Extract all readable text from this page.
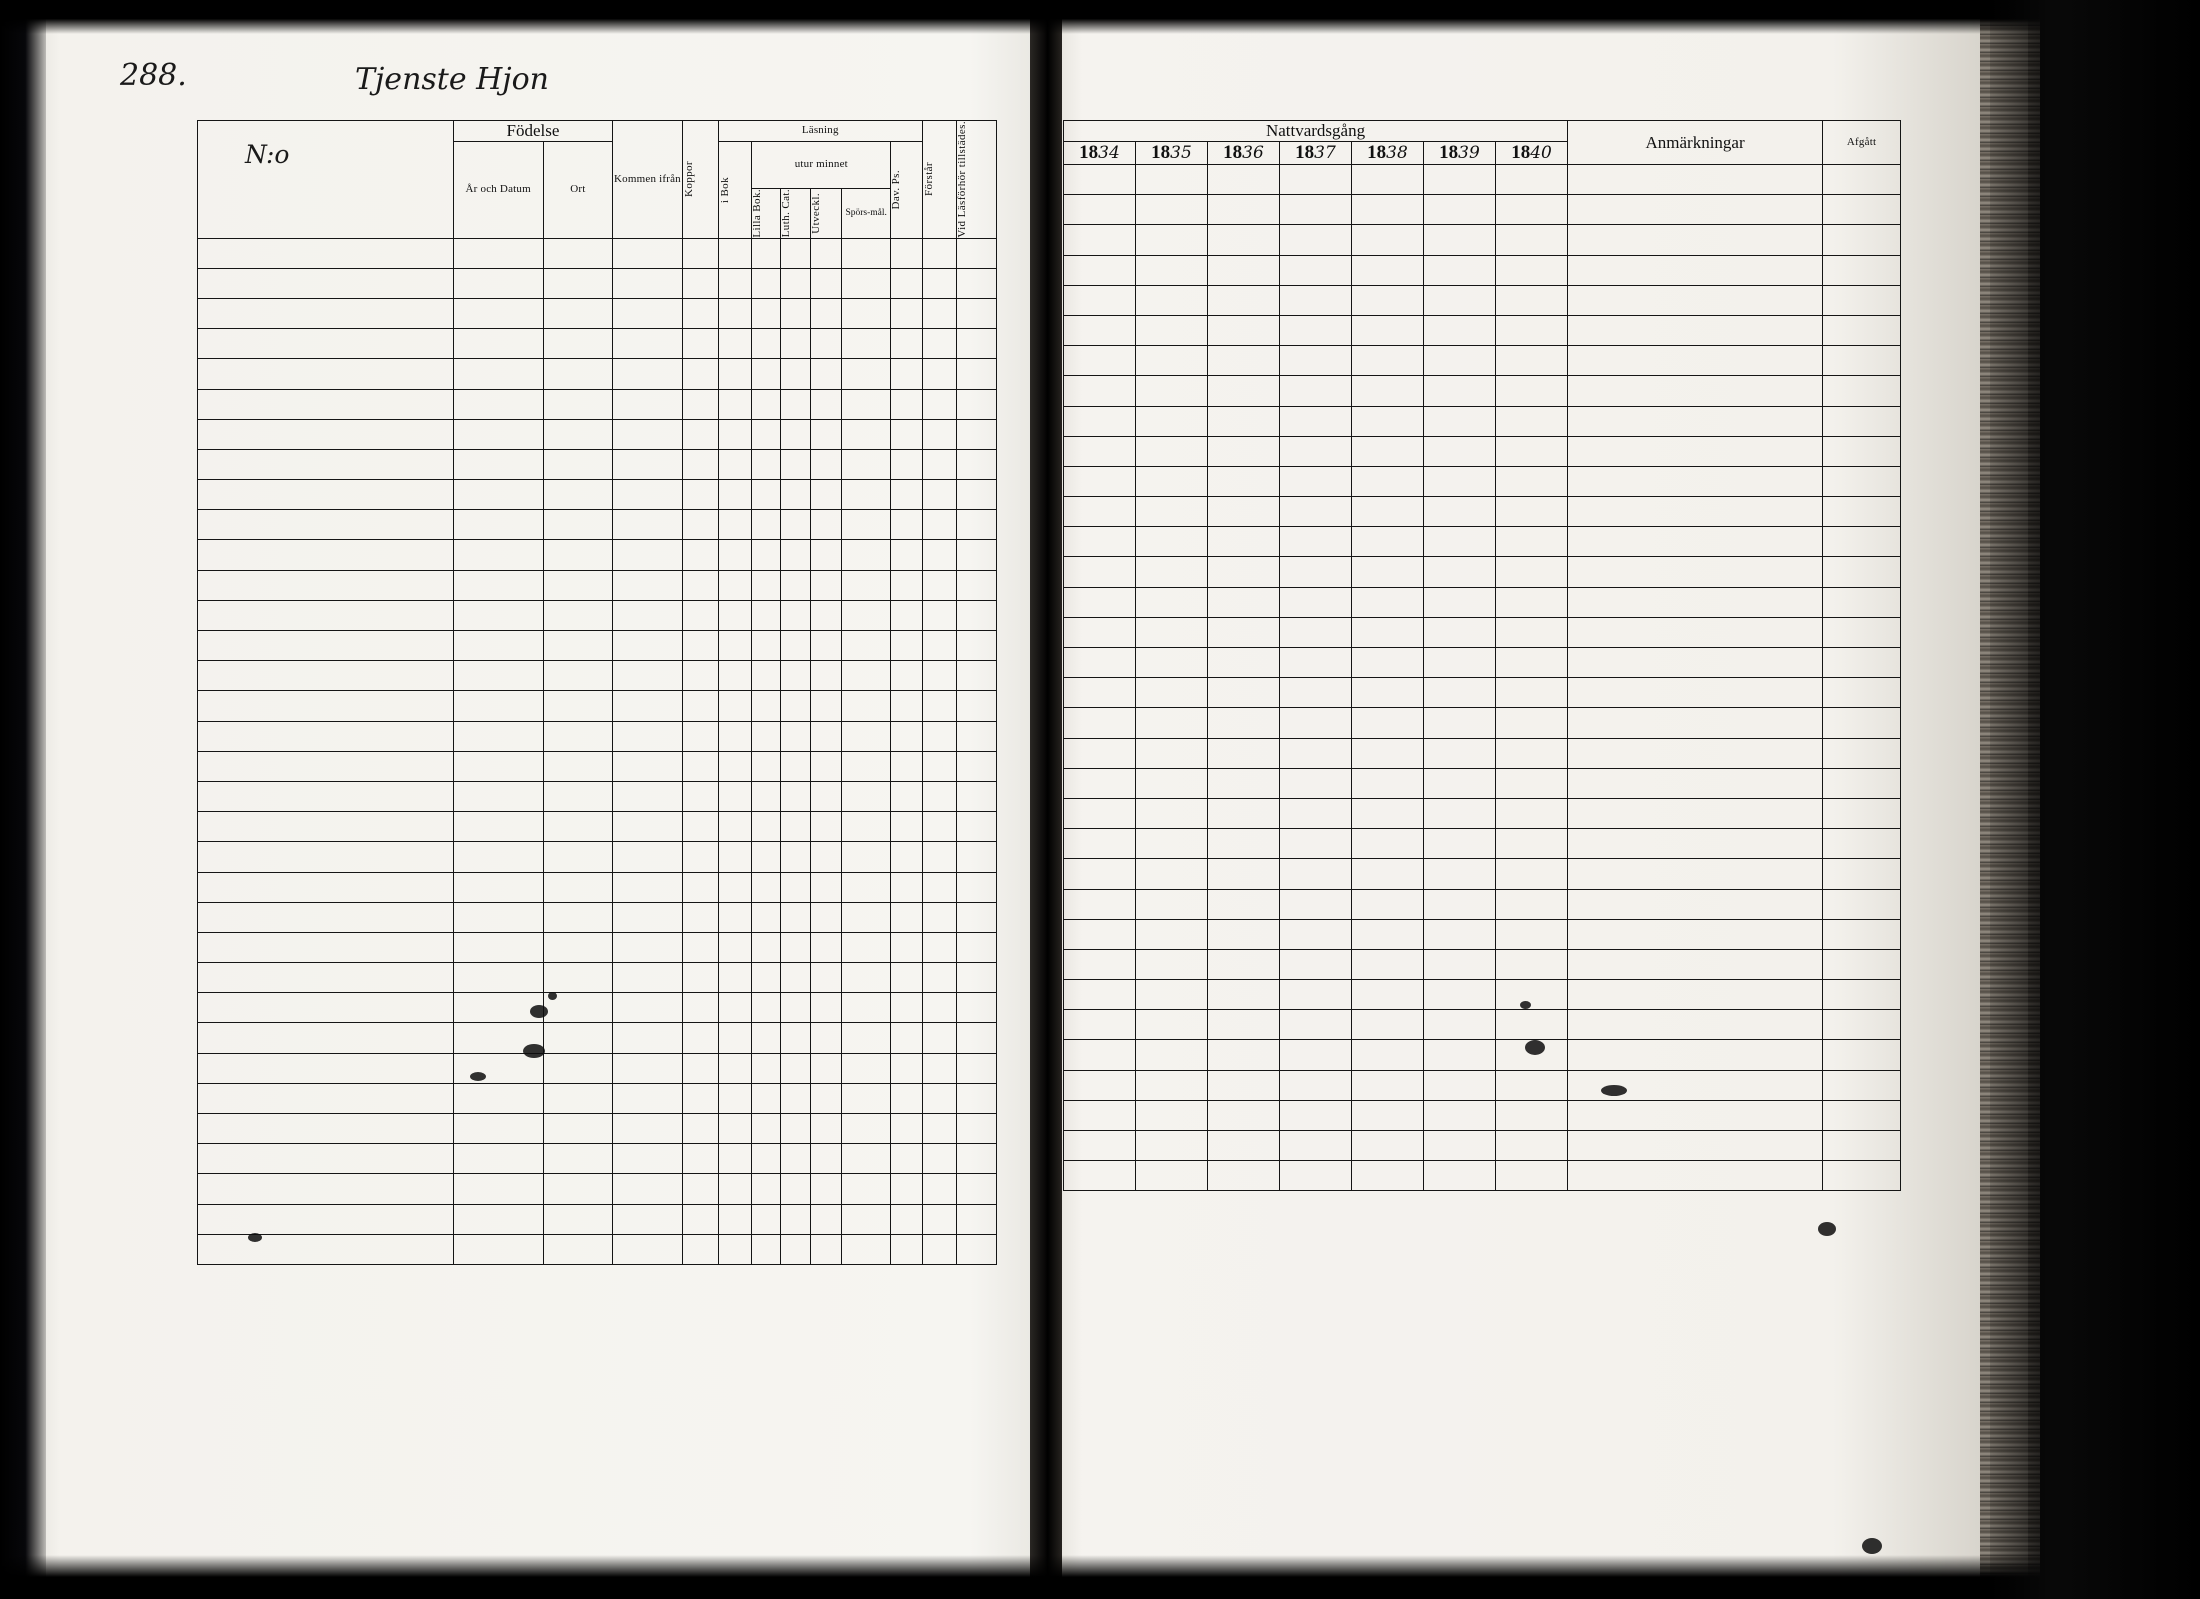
288.	Tjenste Hjon
N:o
	Födelse		Kommen ifrån	Koppor	Läsning						Förstår	Vid Läsförhör tillstädes.

	År och Datum	Ort			i Bok	utur minnet				Dav. Ps.		

						Lilla Bok.	Luth. Cat.	Utveckl.	Spörs-mål.			

Nattvardsgång							Anmärkningar	Afgått
1834	1835	1836	1837	1838	1839	1840		
